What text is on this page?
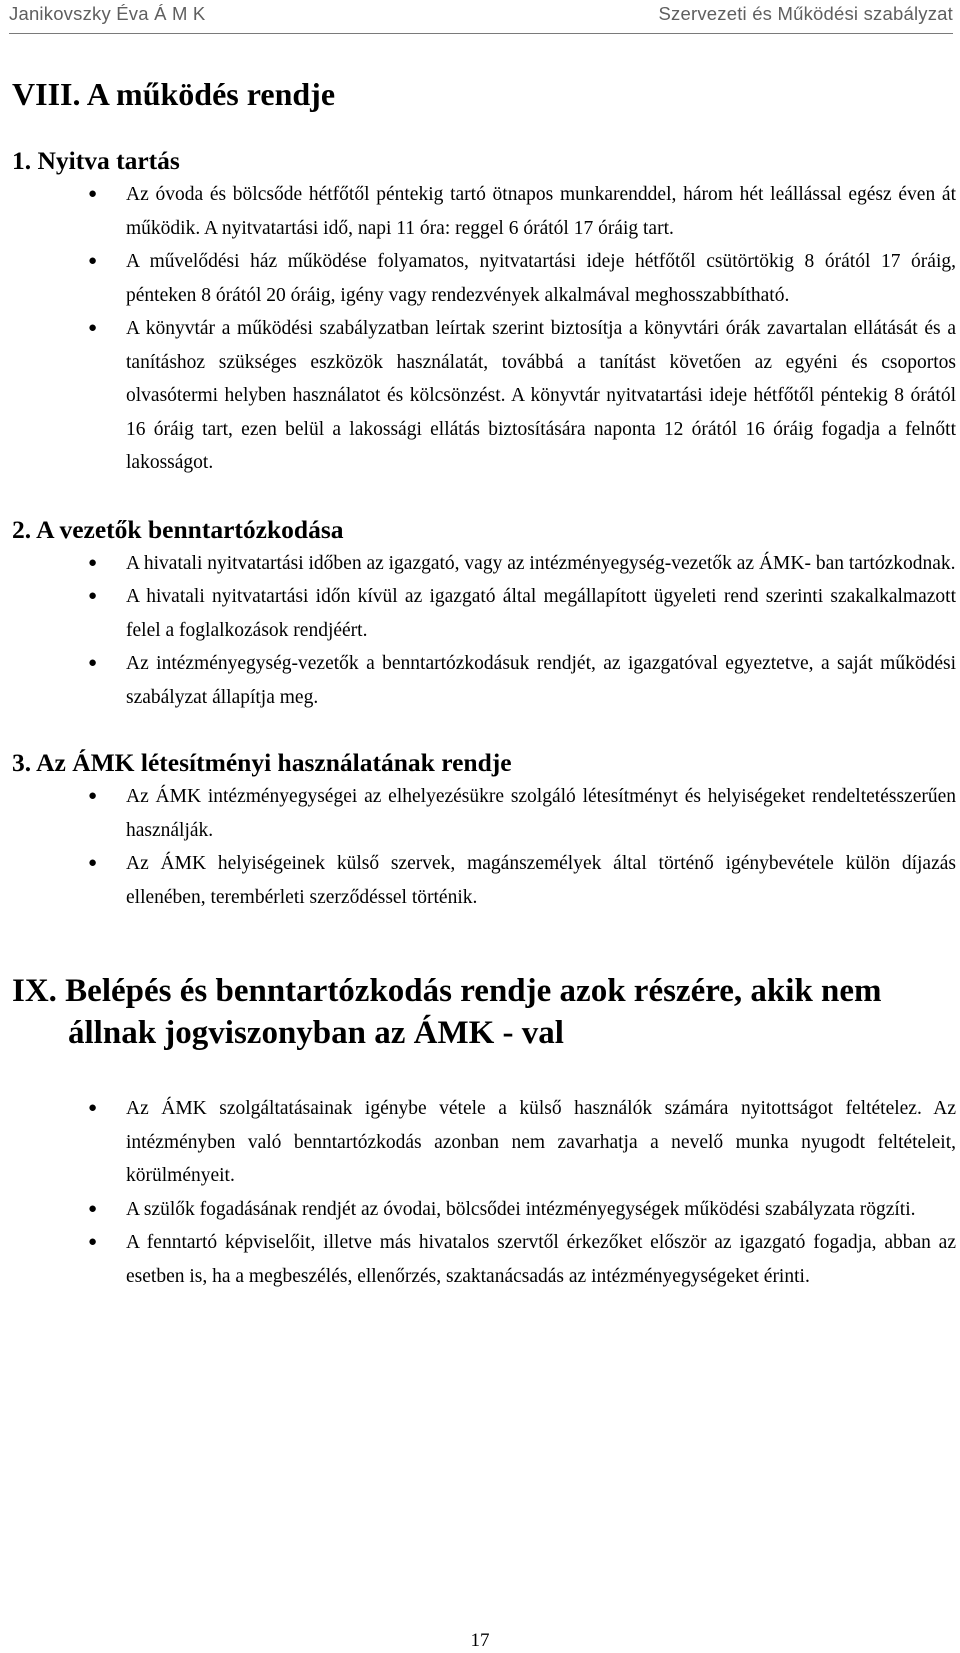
Janikovszky Éva Á M K	Szervezeti és Működési szabályzat
VIII. A működés rendje
1. Nyitva tartás
● Az óvoda és bölcsőde hétfőtől péntekig tartó ötnapos munkarenddel, három hét leállással egész éven át működik. A nyitvatartási idő, napi 11 óra: reggel 6 órától 17 óráig tart.
● A művelődési ház működése folyamatos, nyitvatartási ideje hétfőtől csütörtökig 8 órától 17 óráig, pénteken 8 órától 20 óráig, igény vagy rendezvények alkalmával meghosszabbítható.
● A könyvtár a működési szabályzatban leírtak szerint biztosítja a könyvtári órák zavartalan ellátását és a tanításhoz szükséges eszközök használatát, továbbá a tanítást követően az egyéni és csoportos olvasótermi helyben használatot és kölcsönzést. A könyvtár nyitvatartási ideje hétfőtől péntekig 8 órától 16 óráig tart, ezen belül a lakossági ellátás biztosítására naponta 12 órától 16 óráig fogadja a felnőtt lakosságot.
2. A vezetők benntartózkodása
● A hivatali nyitvatartási időben az igazgató, vagy az intézményegység-vezetők az ÁMK- ban tartózkodnak.
● A hivatali nyitvatartási időn kívül az igazgató által megállapított ügyeleti rend szerinti szakalkalmazott felel a foglalkozások rendjéért.
● Az intézményegység-vezetők a benntartózkodásuk rendjét, az igazgatóval egyeztetve, a saját működési szabályzat állapítja meg.
3. Az ÁMK létesítményi használatának rendje
● Az ÁMK intézményegységei az elhelyezésükre szolgáló létesítményt és helyiségeket rendeltetésszerűen használják.
● Az ÁMK helyiségeinek külső szervek, magánszemélyek által történő igénybevétele külön díjazás ellenében, terembérleti szerződéssel történik.
IX. Belépés és benntartózkodás rendje azok részére, akik nem állnak jogviszonyban az ÁMK - val
● Az ÁMK szolgáltatásainak igénybe vétele a külső használók számára nyitottságot feltételez. Az intézményben való benntartózkodás azonban nem zavarhatja a nevelő munka nyugodt feltételeit, körülményeit.
● A szülők fogadásának rendjét az óvodai, bölcsődei intézményegységek működési szabályzata rögzíti.
● A fenntartó képviselőit, illetve más hivatalos szervtől érkezőket először az igazgató fogadja, abban az esetben is, ha a megbeszélés, ellenőrzés, szaktanácsadás az intézményegységeket érinti.
17
